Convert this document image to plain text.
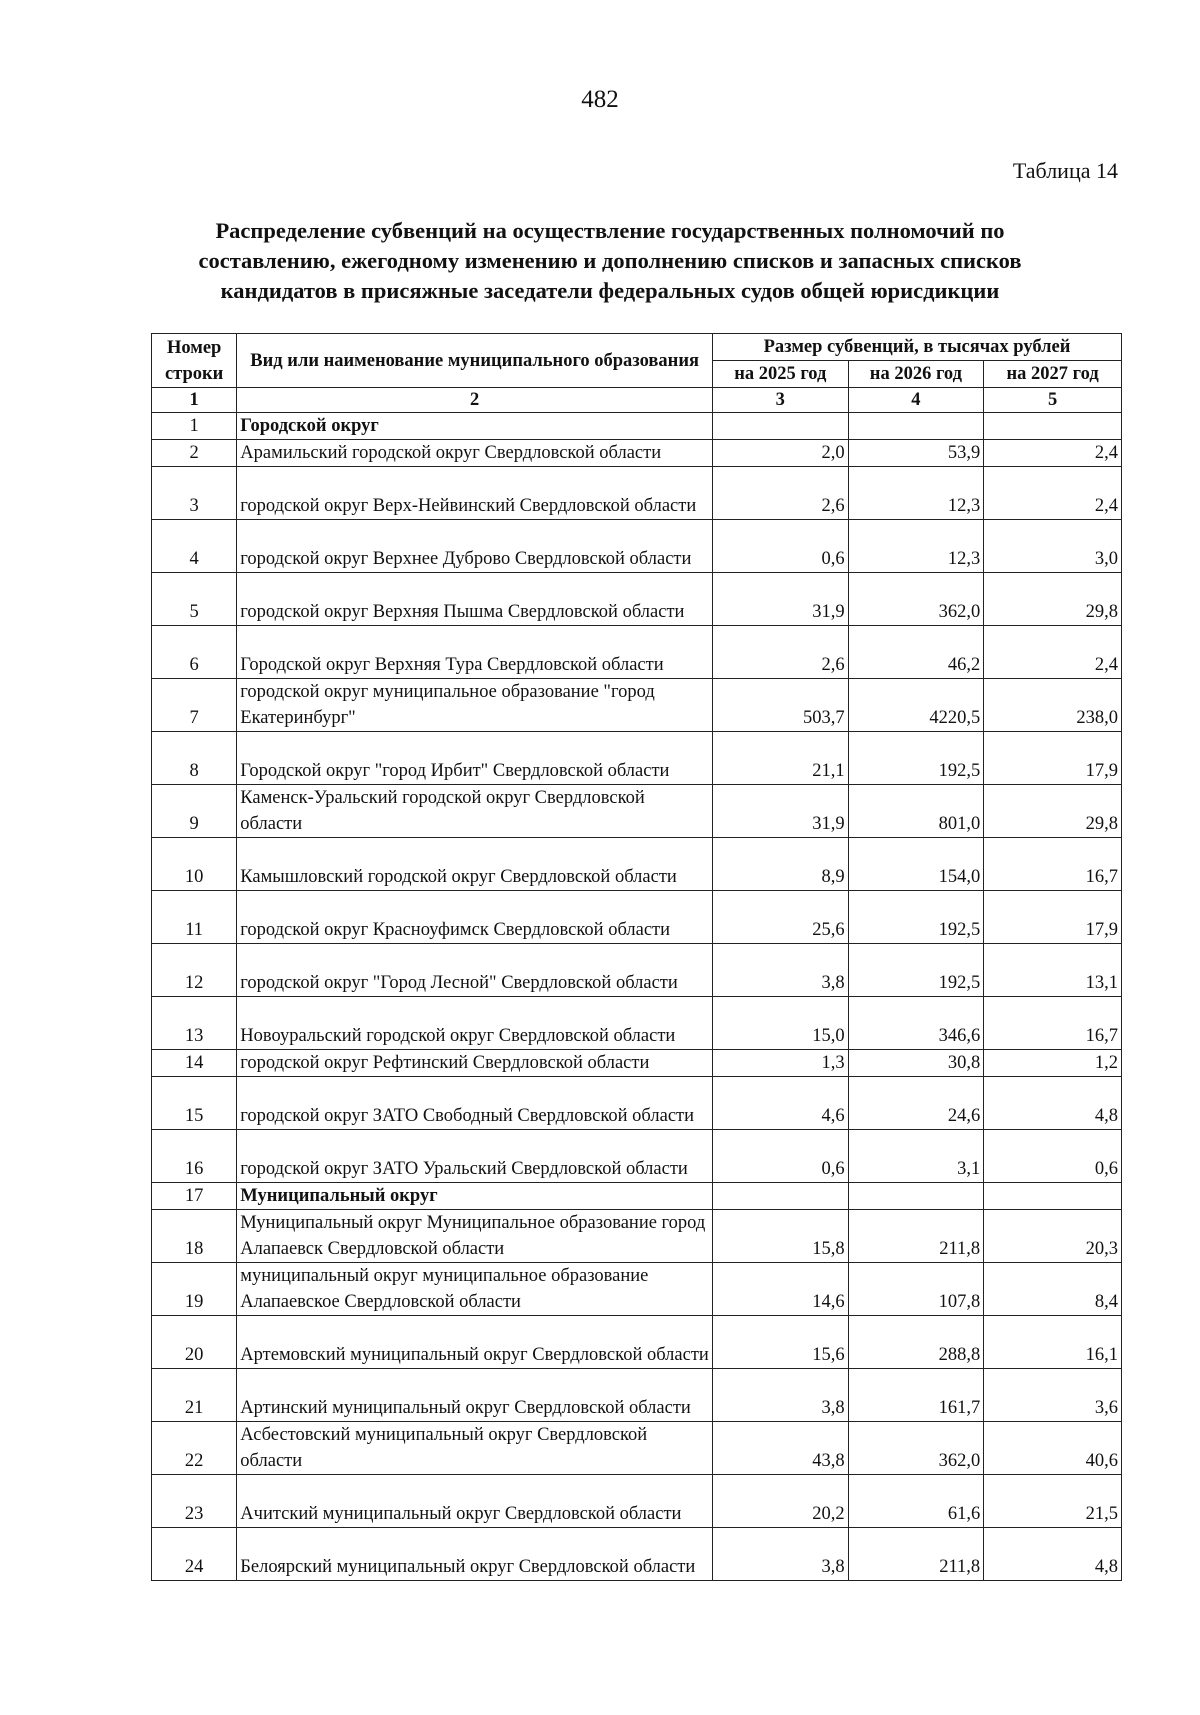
482
Таблица 14
Распределение субвенций на осуществление государственных полномочий по
составлению, ежегодному изменению и дополнению списков и запасных списков
кандидатов в присяжные заседатели федеральных судов общей юрисдикции
Номер строки	Вид или наименование муниципального образования	Размер субвенций, в тысячах рублей		
		на 2025 год	на 2026 год	на 2027 год
1	2	3	4	5
1	Городской округ			
2	Арамильский городской округ Свердловской области	2,0	53,9	2,4
3	городской округ Верх-Нейвинский Свердловской области	2,6	12,3	2,4
4	городской округ Верхнее Дуброво Свердловской области	0,6	12,3	3,0
5	городской округ Верхняя Пышма Свердловской области	31,9	362,0	29,8
6	Городской округ Верхняя Тура Свердловской области	2,6	46,2	2,4
7	городской округ муниципальное образование "город Екатеринбург"	503,7	4220,5	238,0
8	Городской округ "город Ирбит" Свердловской области	21,1	192,5	17,9
9	Каменск-Уральский городской округ Свердловской области	31,9	801,0	29,8
10	Камышловский городской округ Свердловской области	8,9	154,0	16,7
11	городской округ Красноуфимск Свердловской области	25,6	192,5	17,9
12	городской округ "Город Лесной" Свердловской области	3,8	192,5	13,1
13	Новоуральский городской округ Свердловской области	15,0	346,6	16,7
14	городской округ Рефтинский Свердловской области	1,3	30,8	1,2
15	городской округ ЗАТО Свободный Свердловской области	4,6	24,6	4,8
16	городской округ ЗАТО Уральский Свердловской области	0,6	3,1	0,6
17	Муниципальный округ			
18	Муниципальный округ Муниципальное образование город Алапаевск Свердловской области	15,8	211,8	20,3
19	муниципальный округ муниципальное образование Алапаевское Свердловской области	14,6	107,8	8,4
20	Артемовский муниципальный округ Свердловской области	15,6	288,8	16,1
21	Артинский муниципальный округ Свердловской области	3,8	161,7	3,6
22	Асбестовский муниципальный округ Свердловской области	43,8	362,0	40,6
23	Ачитский муниципальный округ Свердловской области	20,2	61,6	21,5
24	Белоярский муниципальный округ Свердловской области	3,8	211,8	4,8
